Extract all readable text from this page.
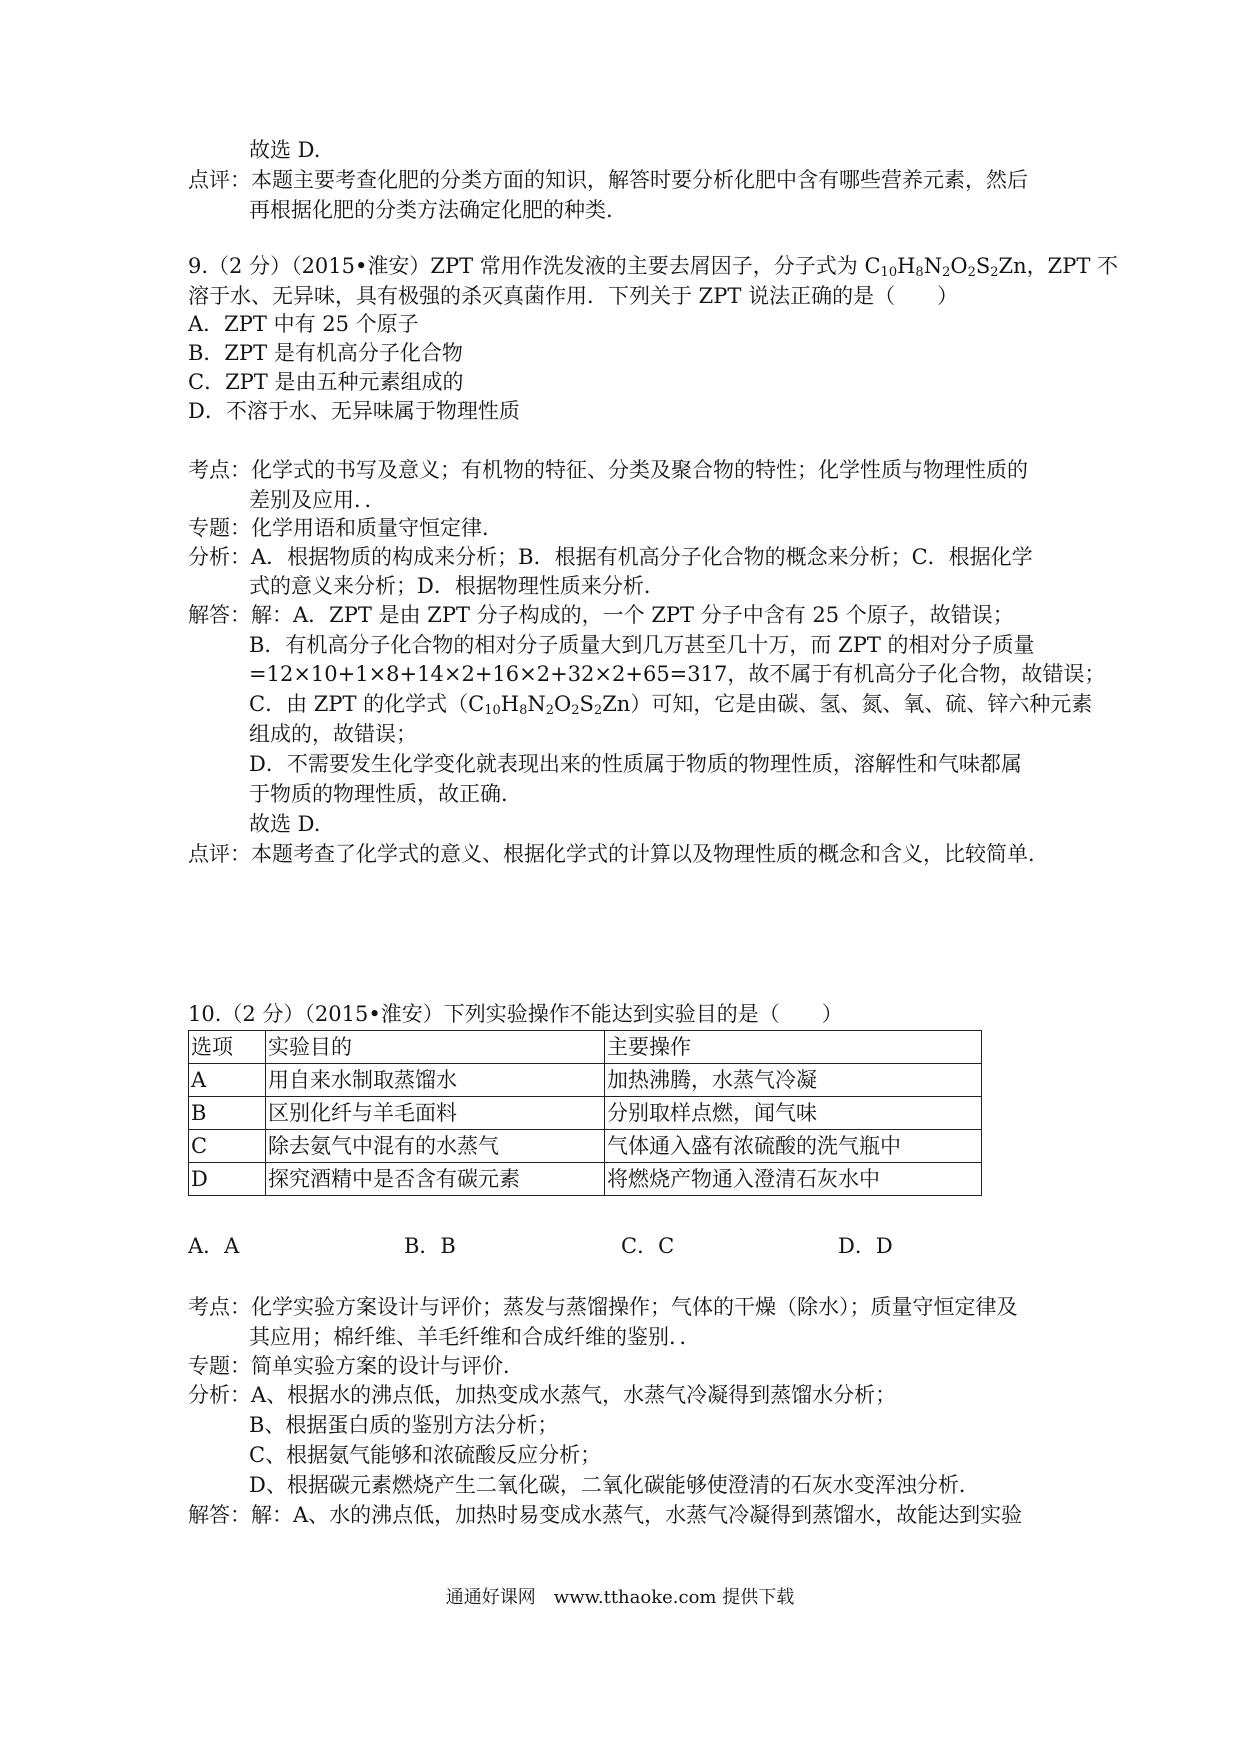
故选 D.
点评：本题主要考查化肥的分类方面的知识，解答时要分析化肥中含有哪些营养元素，然后
再根据化肥的分类方法确定化肥的种类.
9.（2 分）（2015•淮安）ZPT 常用作洗发液的主要去屑因子，分子式为 $C_{10}H_8N_2O_2S_2Zn$，ZPT 不
溶于水、无异味，具有极强的杀灭真菌作用．下列关于 ZPT 说法正确的是（　　）
A．ZPT 中有 25 个原子
B．ZPT 是有机高分子化合物
C．ZPT 是由五种元素组成的
D．不溶于水、无异味属于物理性质
考点：化学式的书写及意义；有机物的特征、分类及聚合物的特性；化学性质与物理性质的
差别及应用．．
专题：化学用语和质量守恒定律．
分析：A．根据物质的构成来分析；B．根据有机高分子化合物的概念来分析；C．根据化学
式的意义来分析；D．根据物理性质来分析．
解答：解：A．ZPT 是由 ZPT 分子构成的，一个 ZPT 分子中含有 25 个原子，故错误；
B．有机高分子化合物的相对分子质量大到几万甚至几十万，而 ZPT 的相对分子质量
=12×10+1×8+14×2+16×2+32×2+65=317，故不属于有机高分子化合物，故错误；
C．由 ZPT 的化学式$(C_{10}H_8N_2O_2S_2Zn)$可知，它是由碳、氢、氮、氧、硫、锌六种元素
组成的，故错误；
D．不需要发生化学变化就表现出来的性质属于物质的物理性质，溶解性和气味都属
于物质的物理性质，故正确．
故选 D.
点评：本题考查了化学式的意义、根据化学式的计算以及物理性质的概念和含义，比较简单．
10.（2 分）（2015•淮安）下列实验操作不能达到实验目的是（　　）
选项	实验目的	主要操作
A	用自来水制取蒸馏水	加热沸腾，水蒸气冷凝
B	区别化纤与羊毛面料	分别取样点燃，闻气味
C	除去氨气中混有的水蒸气	气体通入盛有浓硫酸的洗气瓶中
D	探究酒精中是否含有碳元素	将燃烧产物通入澄清石灰水中
A．A	B．B	C．C	D．D
考点：化学实验方案设计与评价；蒸发与蒸馏操作；气体的干燥（除水）；质量守恒定律及
其应用；棉纤维、羊毛纤维和合成纤维的鉴别．．
专题：简单实验方案的设计与评价．
分析：A、根据水的沸点低，加热变成水蒸气，水蒸气冷凝得到蒸馏水分析；
B、根据蛋白质的鉴别方法分析；
C、根据氨气能够和浓硫酸反应分析；
D、根据碳元素燃烧产生二氧化碳，二氧化碳能够使澄清的石灰水变浑浊分析．
解答：解：A、水的沸点低，加热时易变成水蒸气，水蒸气冷凝得到蒸馏水，故能达到实验
通通好课网　www.tthaoke.com 提供下载
